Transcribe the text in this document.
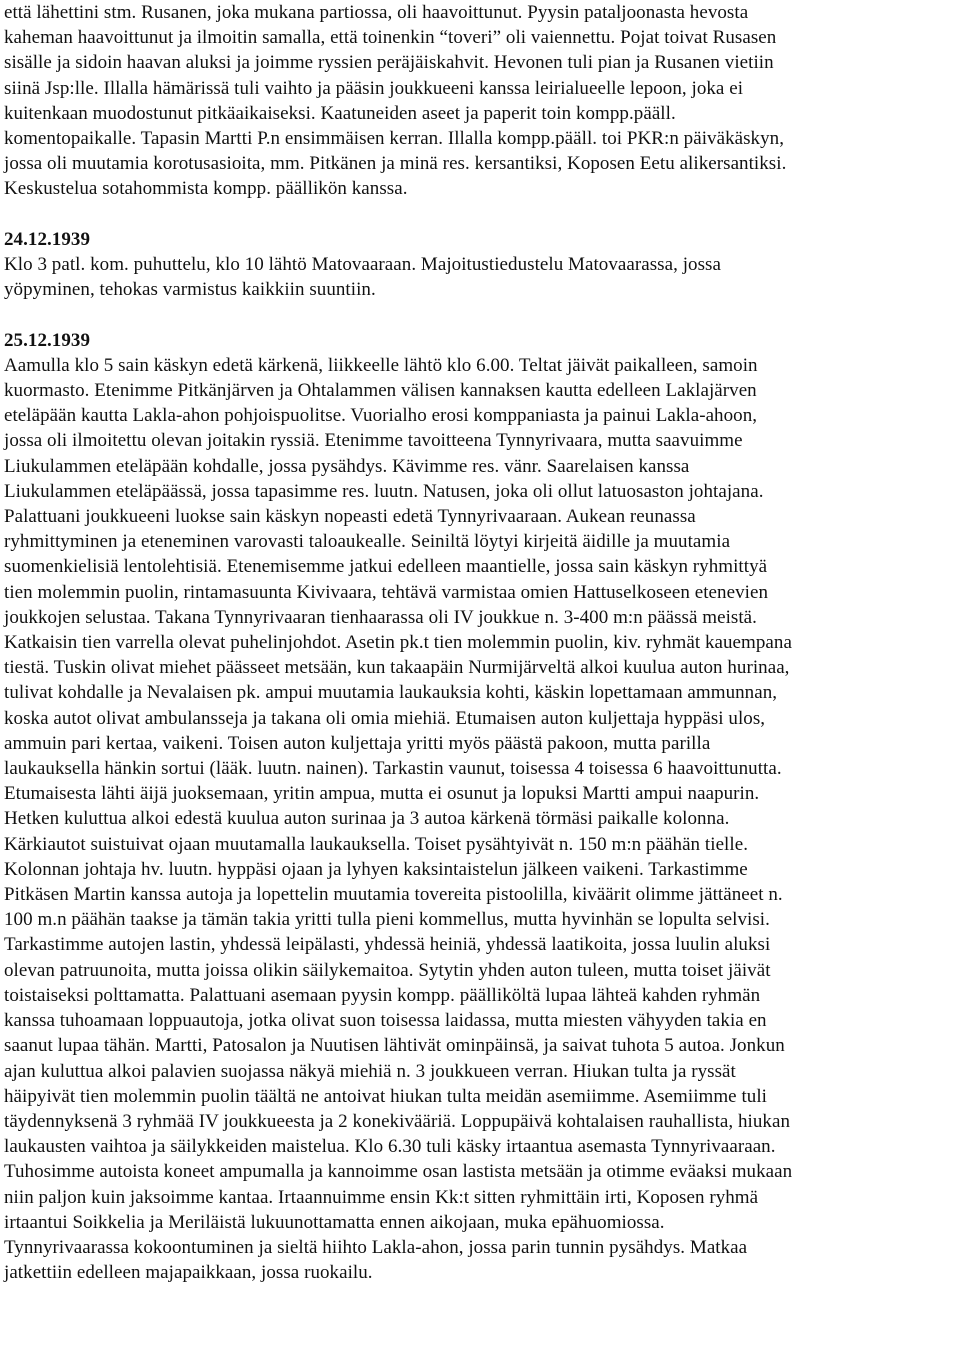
että lähettini stm. Rusanen, joka mukana partiossa, oli haavoittunut. Pyysin pataljoonasta hevosta
kaheman haavoittunut ja ilmoitin samalla, että toinenkin “toveri” oli vaiennettu. Pojat toivat Rusasen
sisälle ja sidoin haavan aluksi ja joimme ryssien peräjäiskahvit. Hevonen tuli pian ja Rusanen vietiin
siinä Jsp:lle. Illalla hämärissä tuli vaihto ja pääsin joukkueeni kanssa leirialueelle lepoon, joka ei
kuitenkaan muodostunut pitkäaikaiseksi. Kaatuneiden aseet ja paperit toin kompp.pääll.
komentopaikalle. Tapasin Martti P.n ensimmäisen kerran. Illalla kompp.pääll. toi PKR:n päiväkäskyn,
jossa oli muutamia korotusasioita, mm. Pitkänen ja minä res. kersantiksi, Koposen Eetu alikersantiksi.
Keskustelua sotahommista kompp. päällikön kanssa.
24.12.1939
Klo 3 patl. kom. puhuttelu, klo 10 lähtö Matovaaraan. Majoitustiedustelu Matovaarassa, jossa
yöpyminen, tehokas varmistus kaikkiin suuntiin.
25.12.1939
Aamulla klo 5 sain käskyn edetä kärkenä, liikkeelle lähtö klo 6.00. Teltat jäivät paikalleen, samoin
kuormasto. Etenimme Pitkänjärven ja Ohtalammen välisen kannaksen kautta edelleen Laklajärven
eteläpään kautta Lakla-ahon pohjoispuolitse. Vuorialho erosi komppaniasta ja painui Lakla-ahoon,
jossa oli ilmoitettu olevan joitakin ryssiä. Etenimme tavoitteena Tynnyrivaara, mutta saavuimme
Liukulammen eteläpään kohdalle, jossa pysähdys. Kävimme res. vänr. Saarelaisen kanssa
Liukulammen eteläpäässä, jossa tapasimme res. luutn. Natusen, joka oli ollut latuosaston johtajana.
Palattuani joukkueeni luokse sain käskyn nopeasti edetä Tynnyrivaaraan. Aukean reunassa
ryhmittyminen ja eteneminen varovasti taloaukealle. Seiniltä löytyi kirjeitä äidille ja muutamia
suomenkielisiä lentolehtisiä. Etenemisemme jatkui edelleen maantielle, jossa sain käskyn ryhmittyä
tien molemmin puolin, rintamasuunta Kivivaara, tehtävä varmistaa omien Hattuselkoseen etenevien
joukkojen selustaa. Takana Tynnyrivaaran tienhaarassa oli IV joukkue n. 3-400 m:n päässä meistä.
Katkaisin tien varrella olevat puhelinjohdot. Asetin pk.t tien molemmin puolin, kiv. ryhmät kauempana
tiestä. Tuskin olivat miehet päässeet metsään, kun takaapäin Nurmijärveltä alkoi kuulua auton hurinaa,
tulivat kohdalle ja Nevalaisen pk. ampui muutamia laukauksia kohti, käskin lopettamaan ammunnan,
koska autot olivat ambulansseja ja takana oli omia miehiä. Etumaisen auton kuljettaja hyppäsi ulos,
ammuin pari kertaa, vaikeni. Toisen auton kuljettaja yritti myös päästä pakoon, mutta parilla
laukauksella hänkin sortui (lääk. luutn. nainen). Tarkastin vaunut, toisessa 4 toisessa 6 haavoittunutta.
Etumaisesta lähti äijä juoksemaan, yritin ampua, mutta ei osunut ja lopuksi Martti ampui naapurin.
Hetken kuluttua alkoi edestä kuulua auton surinaa ja 3 autoa kärkenä törmäsi paikalle kolonna.
Kärkiautot suistuivat ojaan muutamalla laukauksella. Toiset pysähtyivät n. 150 m:n päähän tielle.
Kolonnan johtaja hv. luutn. hyppäsi ojaan ja lyhyen kaksintaistelun jälkeen vaikeni. Tarkastimme
Pitkäsen Martin kanssa autoja ja lopettelin muutamia tovereita pistoolilla, kiväärit olimme jättäneet n.
100 m.n päähän taakse ja tämän takia yritti tulla pieni kommellus, mutta hyvinhän se lopulta selvisi.
Tarkastimme autojen lastin, yhdessä leipälasti, yhdessä heiniä, yhdessä laatikoita, jossa luulin aluksi
olevan patruunoita, mutta joissa olikin säilykemaitoa. Sytytin yhden auton tuleen, mutta toiset jäivät
toistaiseksi polttamatta. Palattuani asemaan pyysin kompp. päälliköltä lupaa lähteä kahden ryhmän
kanssa tuhoamaan loppuautoja, jotka olivat suon toisessa laidassa, mutta miesten vähyyden takia en
saanut lupaa tähän. Martti, Patosalon ja Nuutisen lähtivät ominpäinsä, ja saivat tuhota 5 autoa. Jonkun
ajan kuluttua alkoi palavien suojassa näkyä miehiä n. 3 joukkueen verran. Hiukan tulta ja ryssät
häipyivät tien molemmin puolin täältä ne antoivat hiukan tulta meidän asemiimme. Asemiimme tuli
täydennyksenä 3 ryhmää IV joukkueesta ja 2 konekivääriä. Loppupäivä kohtalaisen rauhallista, hiukan
laukausten vaihtoa ja säilykkeiden maistelua. Klo 6.30 tuli käsky irtaantua asemasta Tynnyrivaaraan.
Tuhosimme autoista koneet ampumalla ja kannoimme osan lastista metsään ja otimme eväaksi mukaan
niin paljon kuin jaksoimme kantaa. Irtaannuimme ensin Kk:t sitten ryhmittäin irti, Koposen ryhmä
irtaantui Soikkelia ja Meriläistä lukuunottamatta ennen aikojaan, muka epähuomiossa.
Tynnyrivaarassa kokoontuminen ja sieltä hiihto Lakla-ahon, jossa parin tunnin pysähdys. Matkaa
jatkettiin edelleen majapaikkaan, jossa ruokailu.
